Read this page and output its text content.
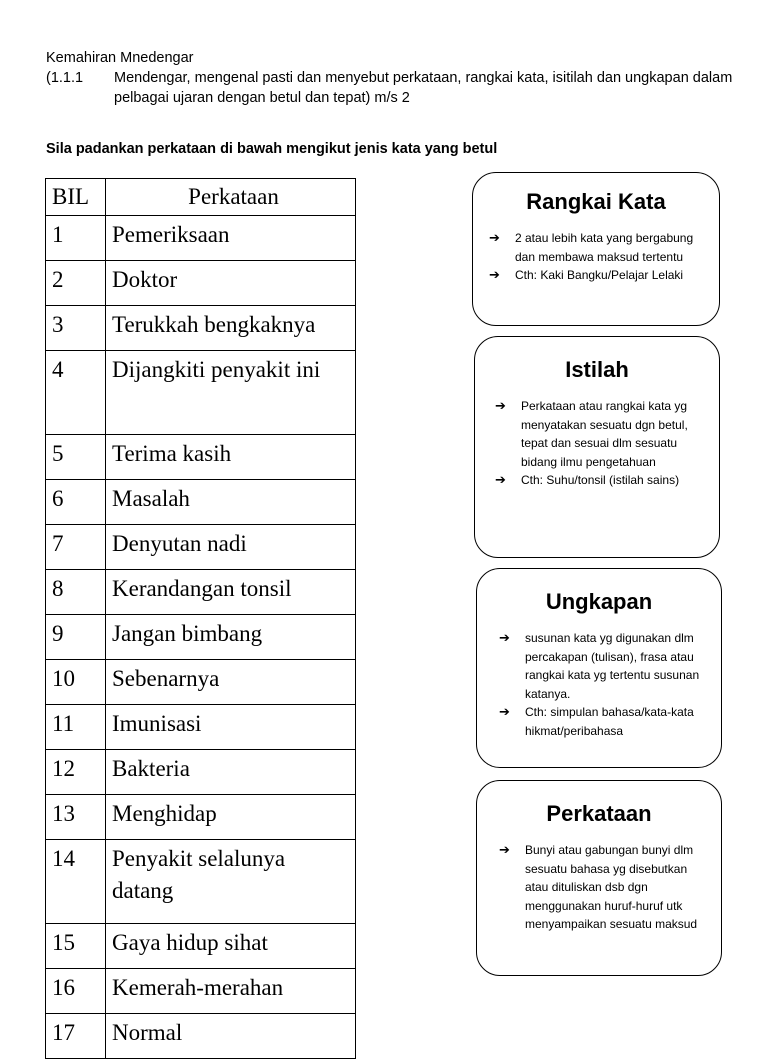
Kemahiran Mnedengar
(1.1.1	Mendengar, mengenal pasti dan menyebut perkataan, rangkai kata, isitilah dan ungkapan dalam pelbagai ujaran dengan betul dan tepat) m/s 2
Sila padankan perkataan di bawah mengikut jenis kata yang betul
BIL	Perkataan
1	Pemeriksaan
2	Doktor
3	Terukkah bengkaknya
4	Dijangkiti penyakit ini
5	Terima kasih
6	Masalah
7	Denyutan nadi
8	Kerandangan tonsil
9	Jangan bimbang
10	Sebenarnya
11	Imunisasi
12	Bakteria
13	Menghidap
14	Penyakit selalunya datang
15	Gaya hidup sihat
16	Kemerah-merahan
17	Normal
Rangkai Kata
➔ 2 atau lebih kata yang bergabung dan membawa maksud tertentu
➔ Cth: Kaki Bangku/Pelajar Lelaki
Istilah
➔ Perkataan atau rangkai kata yg menyatakan sesuatu dgn betul, tepat dan sesuai dlm sesuatu bidang ilmu pengetahuan
➔ Cth: Suhu/tonsil (istilah sains)
Ungkapan
➔ susunan kata yg digunakan dlm percakapan (tulisan), frasa atau rangkai kata yg tertentu susunan katanya.
➔ Cth: simpulan bahasa/kata-kata hikmat/peribahasa
Perkataan
➔ Bunyi atau gabungan bunyi dlm sesuatu bahasa yg disebutkan atau dituliskan dsb dgn menggunakan huruf-huruf utk menyampaikan sesuatu maksud
